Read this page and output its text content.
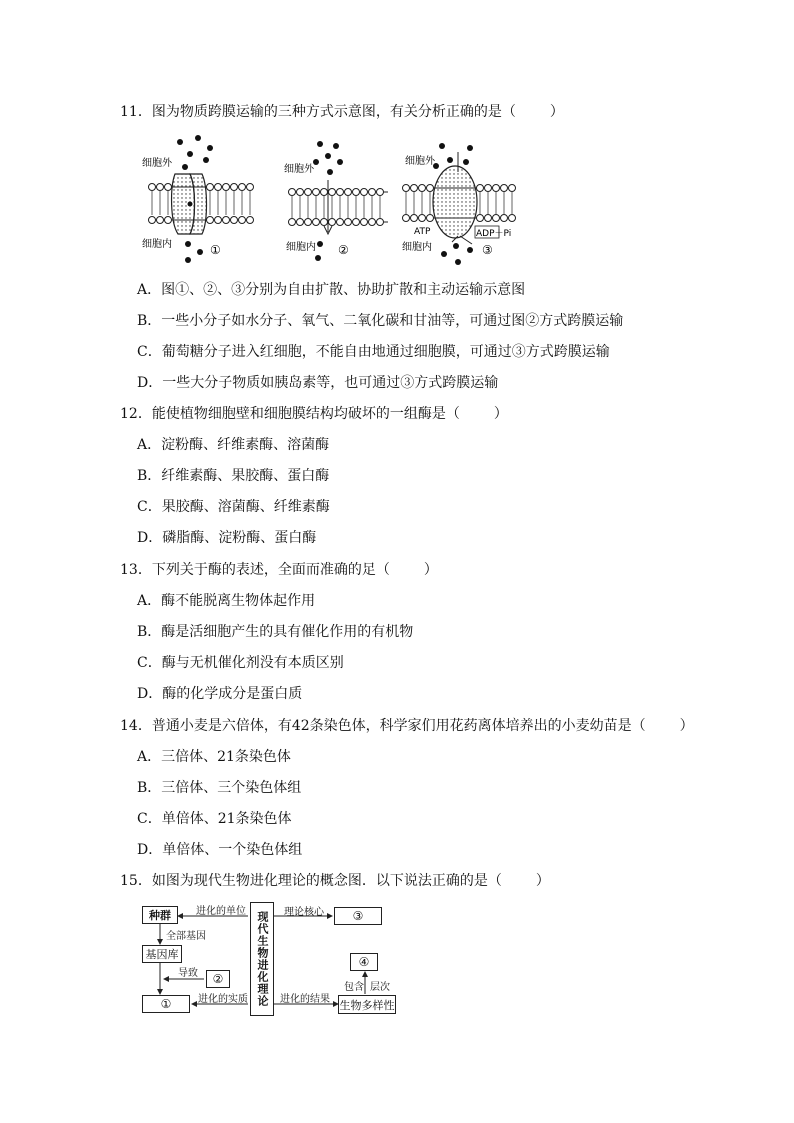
11．图为物质跨膜运输的三种方式示意图，有关分析正确的是（ ）
细胞外
细胞内	①
细胞外
细胞内 ②
细胞外
细胞内
ATP	ADP＋Pi
③
A．图①、②、③分别为自由扩散、协助扩散和主动运输示意图
B．一些小分子如水分子、氧气、二氧化碳和甘油等，可通过图②方式跨膜运输
C．葡萄糖分子进入红细胞，不能自由地通过细胞膜，可通过③方式跨膜运输
D．一些大分子物质如胰岛素等，也可通过③方式跨膜运输
12．能使植物细胞壁和细胞膜结构均破坏的一组酶是（ ）
A．淀粉酶、纤维素酶、溶菌酶
B．纤维素酶、果胶酶、蛋白酶
C．果胶酶、溶菌酶、纤维素酶
D．磷脂酶、淀粉酶、蛋白酶
13．下列关于酶的表述，全面而准确的足（ ）
A．酶不能脱离生物体起作用
B．酶是活细胞产生的具有催化作用的有机物
C．酶与无机催化剂没有本质区别
D．酶的化学成分是蛋白质
14．普通小麦是六倍体，有42条染色体，科学家们用花药离体培养出的小麦幼苗是（ ）
A．三倍体、21条染色体
B．三倍体、三个染色体组
C．单倍体、21条染色体
D．单倍体、一个染色体组
15．如图为现代生物进化理论的概念图．以下说法正确的是（ ）
种群
基因库
②
①	现代生物进化理论	③
④
生物多样性
进化的单位
全部基因
导致
进化的实质
理论核心
进化的结果
包含 层次
